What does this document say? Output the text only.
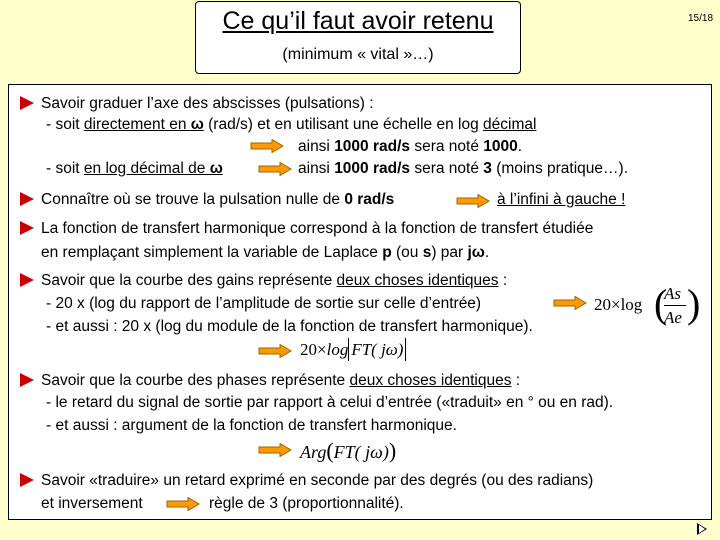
Ce qu’il faut avoir retenu
(minimum « vital »…)
15/18
Savoir graduer l’axe des abscisses (pulsations) :
- soit directement en ω (rad/s) et en utilisant une échelle en log décimal
ainsi 1000 rad/s sera noté 1000.
- soit en log décimal de ω	ainsi 1000 rad/s sera noté 3 (moins pratique…).
Connaître où se trouve la pulsation nulle de 0 rad/s	à l’infini à gauche !
La fonction de transfert harmonique correspond à la fonction de transfert étudiée
en remplaçant simplement la variable de Laplace p (ou s) par jω.
Savoir que la courbe des gains représente deux choses identiques :
- 20 x (log du rapport de l’amplitude de sortie sur celle d’entrée)	20×log (
As
Ae )
- et aussi : 20 x (log du module de la fonction de transfert harmonique).
20×log FT( jω)
Savoir que la courbe des phases représente deux choses identiques :
- le retard du signal de sortie par rapport à celui d’entrée («traduit» en ° ou en rad).
- et aussi : argument de la fonction de transfert harmonique.
Arg(FT( jω))
Savoir «traduire» un retard exprimé en seconde par des degrés (ou des radians)
et inversement	règle de 3 (proportionnalité).
